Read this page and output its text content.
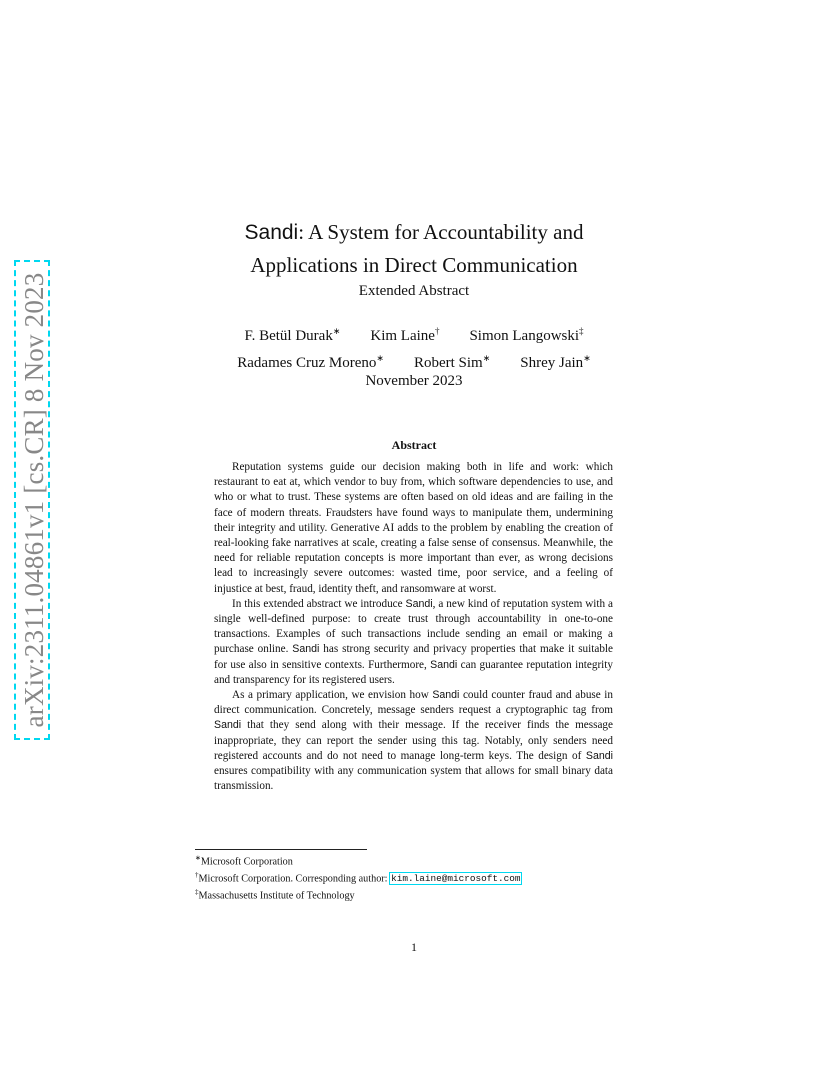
arXiv:2311.04861v1 [cs.CR] 8 Nov 2023
Sandi: A System for Accountability and
Applications in Direct Communication
Extended Abstract
F. Betül Durak∗ Kim Laine† Simon Langowski‡
Radames Cruz Moreno∗ Robert Sim∗ Shrey Jain∗
November 2023
Abstract

Reputation systems guide our decision making both in life and work: which restaurant to eat at, which vendor to buy from, which software dependencies to use, and who or what to trust. These systems are often based on old ideas and are failing in the face of modern threats. Fraudsters have found ways to manipulate them, undermining their integrity and utility. Generative AI adds to the problem by enabling the creation of real-looking fake narratives at scale, creating a false sense of consensus. Meanwhile, the need for reliable reputation concepts is more important than ever, as wrong decisions lead to increasingly severe outcomes: wasted time, poor service, and a feeling of injustice at best, fraud, identity theft, and ransomware at worst.

In this extended abstract we introduce Sandi, a new kind of reputation system with a single well-defined purpose: to create trust through accountability in one-to-one transactions. Examples of such transactions include sending an email or making a purchase online. Sandi has strong security and privacy properties that make it suitable for use also in sensitive contexts. Furthermore, Sandi can guarantee reputation integrity and transparency for its registered users.

As a primary application, we envision how Sandi could counter fraud and abuse in direct communication. Concretely, message senders request a cryptographic tag from Sandi that they send along with their message. If the receiver finds the message inappropriate, they can report the sender using this tag. Notably, only senders need registered accounts and do not need to manage long-term keys. The design of Sandi ensures compatibility with any communication system that allows for small binary data transmission.

∗Microsoft Corporation
†Microsoft Corporation. Corresponding author: kim.laine@microsoft.com
‡Massachusetts Institute of Technology
1
